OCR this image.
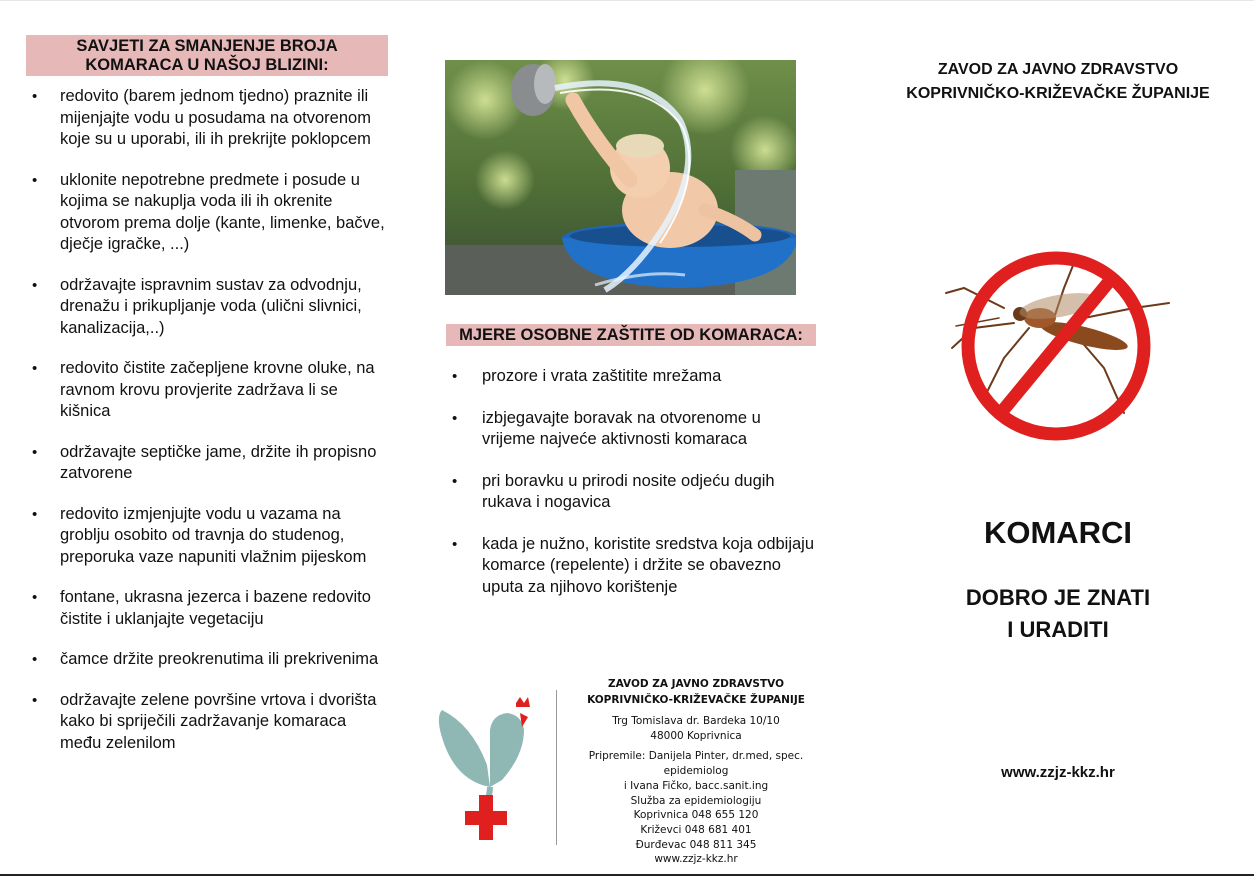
SAVJETI ZA SMANJENJE BROJA KOMARACA U NAŠOJ BLIZINI:
• redovito (barem jednom tjedno) praznite ili mijenjajte vodu u posudama na otvorenom koje su u uporabi, ili ih prekrijte poklopcem
• uklonite nepotrebne predmete i posude u kojima se nakuplja voda ili ih okrenite otvorom prema dolje (kante, limenke, bačve, dječje igračke, ...)
• održavajte ispravnim sustav za odvodnju, drenažu i prikupljanje voda (ulični slivnici, kanalizacija,..)
• redovito čistite začepljene krovne oluke, na ravnom krovu provjerite zadržava li se kišnica
• održavajte septičke jame, držite ih propisno zatvorene
• redovito izmjenjujte vodu u vazama na groblju osobito od travnja do studenog, preporuka vaze napuniti vlažnim pijeskom
• fontane, ukrasna jezerca i bazene redovito čistite i uklanjajte vegetaciju
• čamce držite preokrenutima ili prekrivenima
• održavajte zelene površine vrtova i dvorišta kako bi spriječili zadržavanje komaraca među zelenilom
MJERE OSOBNE ZAŠTITE OD KOMARACA:
• prozore i vrata zaštitite mrežama
• izbjegavajte boravak na otvorenome u vrijeme najveće aktivnosti komaraca
• pri boravku u prirodi nosite odjeću dugih rukava i nogavica
• kada je nužno, koristite sredstva koja odbijaju komarce (repelente) i držite se obavezno uputa za njihovo korištenje
ZAVOD ZA JAVNO ZDRAVSTVO
KOPRIVNIČKO-KRIŽEVAČKE ŽUPANIJE
Trg Tomislava dr. Bardeka 10/10
48000 Koprivnica
Pripremile: Danijela Pinter, dr.med, spec. epidemiolog
i Ivana Fičko, bacc.sanit.ing
Služba za epidemiologiju
Koprivnica 048 655 120
Križevci 048 681 401
Đurđevac 048 811 345
www.zzjz-kkz.hr
ZAVOD ZA JAVNO ZDRAVSTVO
KOPRIVNIČKO-KRIŽEVAČKE ŽUPANIJE
KOMARCI
DOBRO JE ZNATI
I URADITI
www.zzjz-kkz.hr
